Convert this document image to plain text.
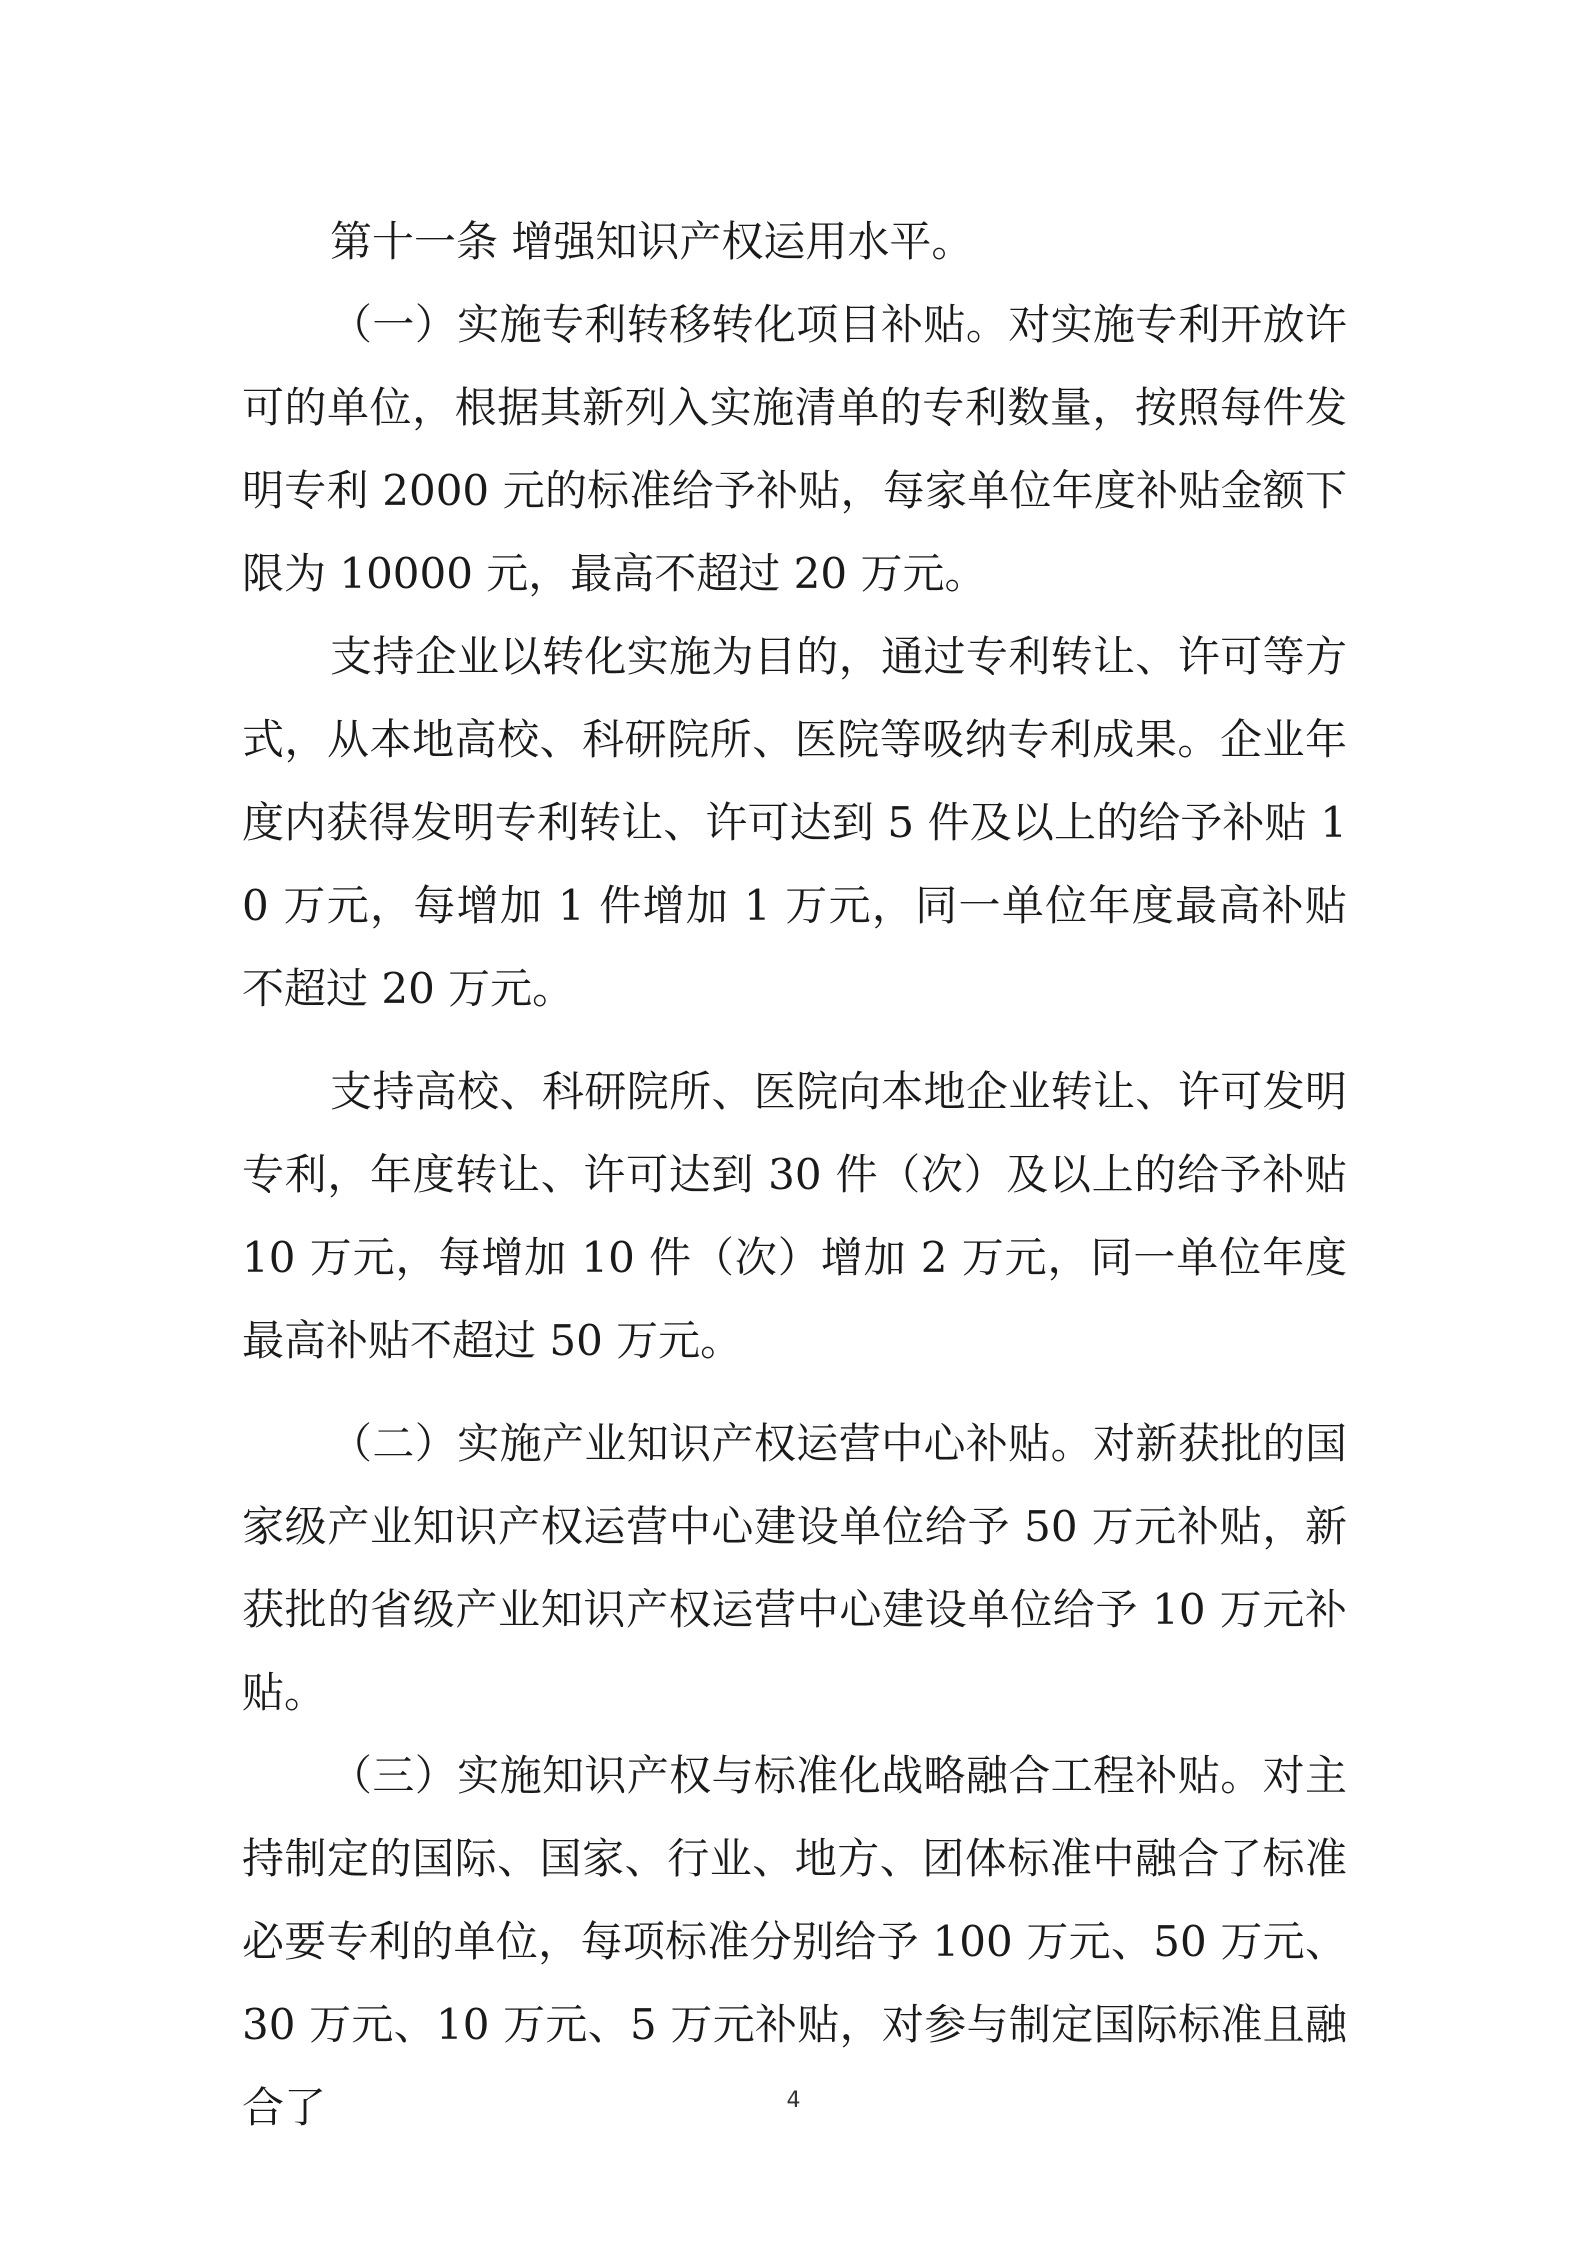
第十一条 增强知识产权运用水平。

（一）实施专利转移转化项目补贴。对实施专利开放许可的单位，根据其新列入实施清单的专利数量，按照每件发明专利 2000 元的标准给予补贴，每家单位年度补贴金额下限为 10000 元，最高不超过 20 万元。

支持企业以转化实施为目的，通过专利转让、许可等方式，从本地高校、科研院所、医院等吸纳专利成果。企业年度内获得发明专利转让、许可达到 5 件及以上的给予补贴 10 万元，每增加 1 件增加 1 万元，同一单位年度最高补贴不超过 20 万元。

支持高校、科研院所、医院向本地企业转让、许可发明专利，年度转让、许可达到 30 件（次）及以上的给予补贴 10 万元，每增加 10 件（次）增加 2 万元，同一单位年度最高补贴不超过 50 万元。

（二）实施产业知识产权运营中心补贴。对新获批的国家级产业知识产权运营中心建设单位给予 50 万元补贴，新获批的省级产业知识产权运营中心建设单位给予 10 万元补贴。

（三）实施知识产权与标准化战略融合工程补贴。对主持制定的国际、国家、行业、地方、团体标准中融合了标准必要专利的单位，每项标准分别给予 100 万元、50 万元、30 万元、10 万元、5 万元补贴，对参与制定国际标准且融合了	4
